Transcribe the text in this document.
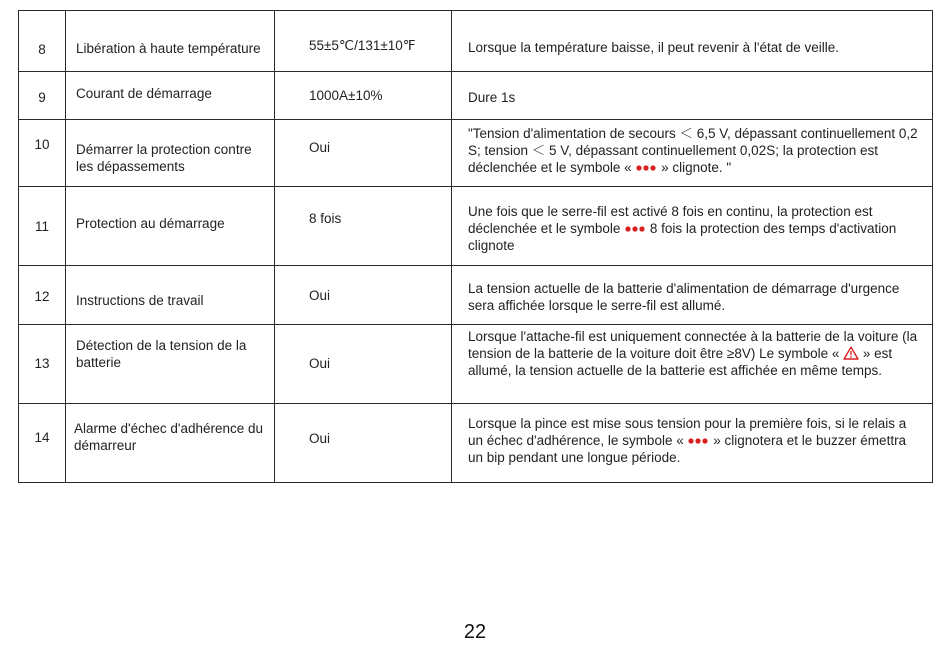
8	Libération à haute température	55±5℃/131±10℉	Lorsque la température baisse, il peut revenir à l'état de veille.

9	Courant de démarrage	1000A±10%	Dure 1s

10	Démarrer la protection contre les dépassements	Oui	"Tension d'alimentation de secours ＜ 6,5 V, dépassant continuellement 0,2 S; tension ＜ 5 V, dépassant continuellement 0,02S; la protection est déclenchée et le symbole «  » clignote. "

11	Protection au démarrage	8 fois	Une fois que le serre-fil est activé 8 fois en continu, la protection est déclenchée et le symbole  8 fois la protection des temps d'activation clignote

12	Instructions de travail	Oui	La tension actuelle de la batterie d'alimentation de démarrage d'urgence sera affichée lorsque le serre-fil est allumé.

13	Détection de la tension de la batterie	Oui	Lorsque l'attache-fil est uniquement connectée à la batterie de la voiture (la tension de la batterie de la voiture doit être ≥8V) Le symbole «  » est allumé, la tension actuelle de la batterie est affichée en même temps.

14	Alarme d'échec d'adhérence du démarreur	Oui	Lorsque la pince est mise sous tension pour la première fois, si le relais a un échec d'adhérence, le symbole «  » clignotera et le buzzer émettra un bip pendant une longue période.
22
